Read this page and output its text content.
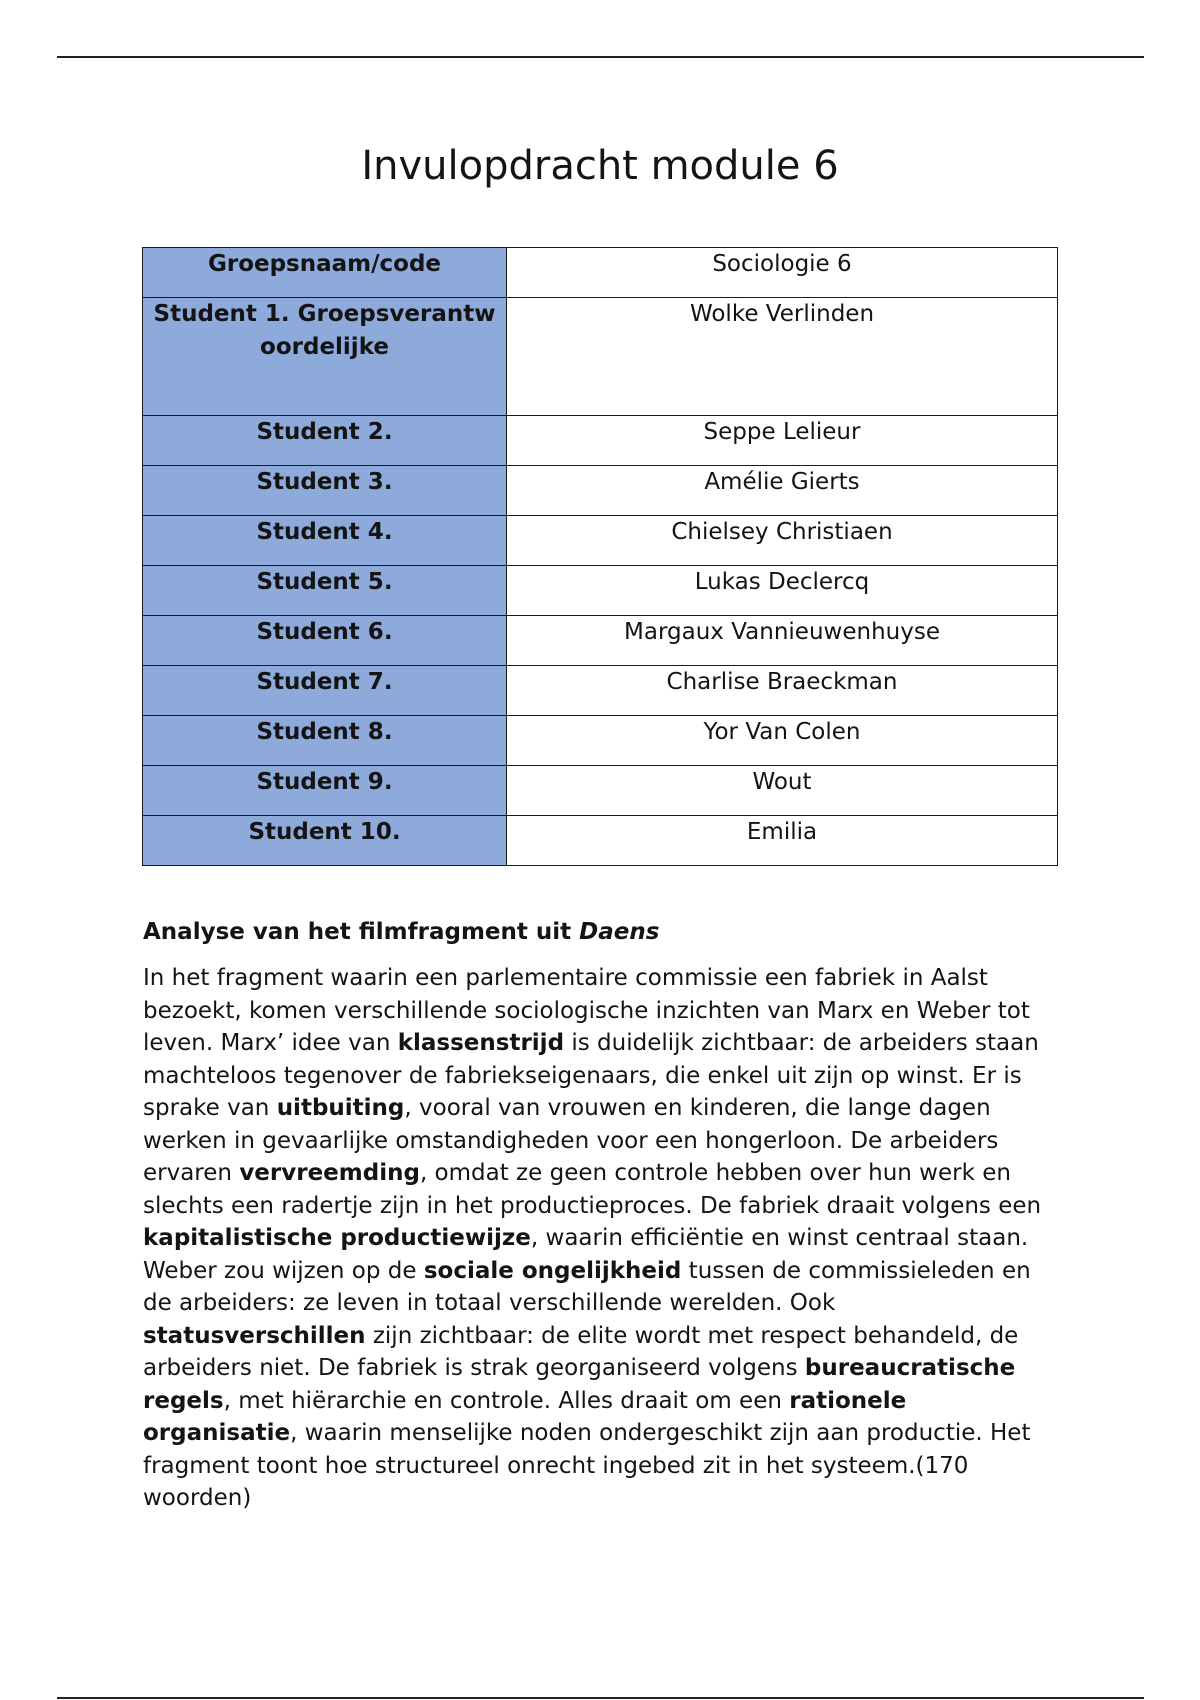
Invulopdracht module 6
Groepsnaam/code	Sociologie 6
Student 1. Groepsverantwoordelijke	Wolke Verlinden
Student 2.	Seppe Lelieur
Student 3.	Amélie Gierts
Student 4.	Chielsey Christiaen
Student 5.	Lukas Declercq
Student 6.	Margaux Vannieuwenhuyse
Student 7.	Charlise Braeckman
Student 8.	Yor Van Colen
Student 9.	Wout
Student 10.	Emilia
Analyse van het filmfragment uit Daens

In het fragment waarin een parlementaire commissie een fabriek in Aalst bezoekt, komen verschillende sociologische inzichten van Marx en Weber tot leven. Marx’ idee van klassenstrijd is duidelijk zichtbaar: de arbeiders staan machteloos tegenover de fabriekseigenaars, die enkel uit zijn op winst. Er is sprake van uitbuiting, vooral van vrouwen en kinderen, die lange dagen werken in gevaarlijke omstandigheden voor een hongerloon. De arbeiders ervaren vervreemding, omdat ze geen controle hebben over hun werk en slechts een radertje zijn in het productieproces. De fabriek draait volgens een kapitalistische productiewijze, waarin efficiëntie en winst centraal staan. Weber zou wijzen op de sociale ongelijkheid tussen de commissieleden en de arbeiders: ze leven in totaal verschillende werelden. Ook statusverschillen zijn zichtbaar: de elite wordt met respect behandeld, de arbeiders niet. De fabriek is strak georganiseerd volgens bureaucratische regels, met hiërarchie en controle. Alles draait om een rationele organisatie, waarin menselijke noden ondergeschikt zijn aan productie. Het fragment toont hoe structureel onrecht ingebed zit in het systeem.(170 woorden)
